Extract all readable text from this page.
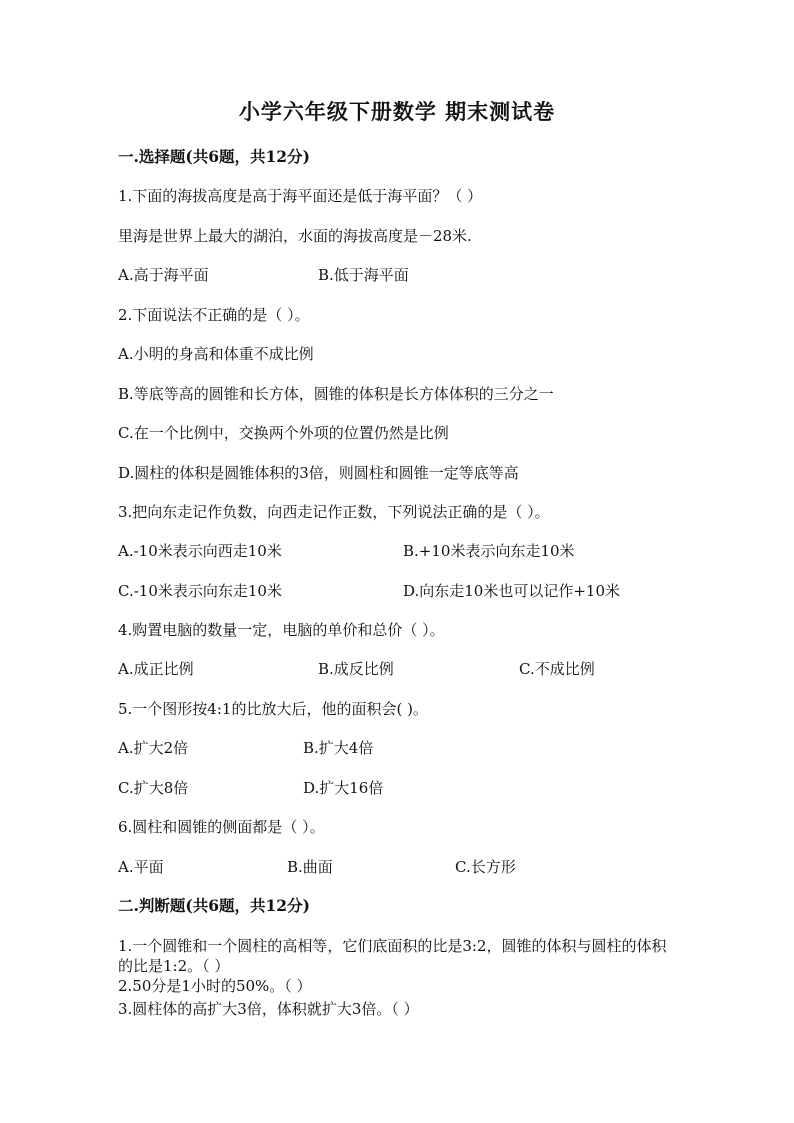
小学六年级下册数学 期末测试卷
一.选择题(共6题，共12分)
1.下面的海拔高度是高于海平面还是低于海平面？（ ）
里海是世界上最大的湖泊，水面的海拔高度是－28米.
A.高于海平面	B.低于海平面
2.下面说法不正确的是（ ）。
A.小明的身高和体重不成比例
B.等底等高的圆锥和长方体，圆锥的体积是长方体体积的三分之一
C.在一个比例中，交换两个外项的位置仍然是比例
D.圆柱的体积是圆锥体积的3倍，则圆柱和圆锥一定等底等高
3.把向东走记作负数，向西走记作正数，下列说法正确的是（ ）。
A.-10米表示向西走10米	B.+10米表示向东走10米
C.-10米表示向东走10米	D.向东走10米也可以记作+10米
4.购置电脑的数量一定，电脑的单价和总价（ ）。
A.成正比例	B.成反比例	C.不成比例
5.一个图形按4:1的比放大后，他的面积会( )。
A.扩大2倍	B.扩大4倍
C.扩大8倍	D.扩大16倍
6.圆柱和圆锥的侧面都是（ ）。
A.平面	B.曲面	C.长方形
二.判断题(共6题，共12分)
1.一个圆锥和一个圆柱的高相等，它们底面积的比是3:2，圆锥的体积与圆柱的体积的比是1:2。（ ）
2.50分是1小时的50%。（ ）
3.圆柱体的高扩大3倍，体积就扩大3倍。（ ）
